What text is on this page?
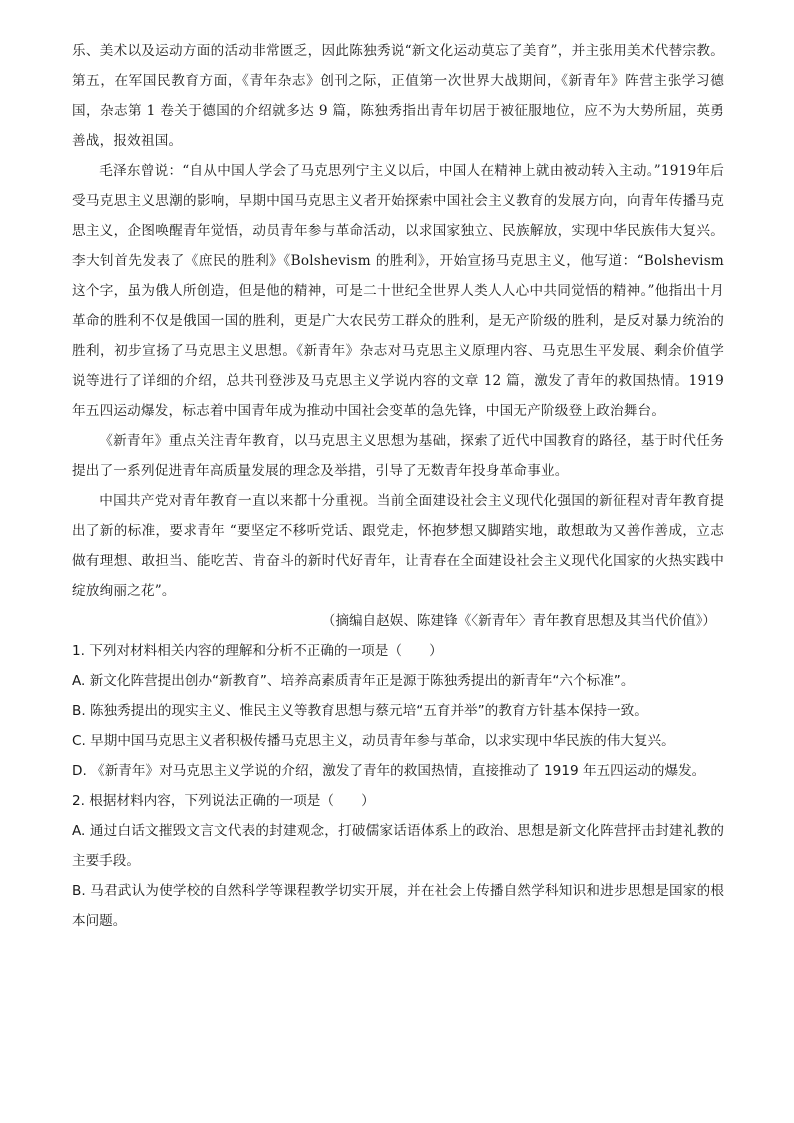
乐、美术以及运动方面的活动非常匮乏，因此陈独秀说“新文化运动莫忘了美育”，并主张用美术代替宗教。第五，在军国民教育方面，《青年杂志》创刊之际，正值第一次世界大战期间，《新青年》阵营主张学习德国，杂志第 1 卷关于德国的介绍就多达 9 篇，陈独秀指出青年切居于被征服地位，应不为大势所屈，英勇善战，报效祖国。

毛泽东曾说：“自从中国人学会了马克思列宁主义以后，中国人在精神上就由被动转入主动。”1919年后受马克思主义思潮的影响，早期中国马克思主义者开始探索中国社会主义教育的发展方向，向青年传播马克思主义，企图唤醒青年觉悟，动员青年参与革命活动，以求国家独立、民族解放，实现中华民族伟大复兴。李大钊首先发表了《庶民的胜利》《Bolshevism 的胜利》，开始宣扬马克思主义，他写道：“Bolshevism 这个字，虽为俄人所创造，但是他的精神，可是二十世纪全世界人类人人心中共同觉悟的精神。”他指出十月革命的胜利不仅是俄国一国的胜利，更是广大农民劳工群众的胜利，是无产阶级的胜利，是反对暴力统治的胜利，初步宣扬了马克思主义思想。《新青年》杂志对马克思主义原理内容、马克思生平发展、剩余价值学说等进行了详细的介绍，总共刊登涉及马克思主义学说内容的文章 12 篇，激发了青年的救国热情。1919 年五四运动爆发，标志着中国青年成为推动中国社会变革的急先锋，中国无产阶级登上政治舞台。

《新青年》重点关注青年教育，以马克思主义思想为基础，探索了近代中国教育的路径，基于时代任务提出了一系列促进青年高质量发展的理念及举措，引导了无数青年投身革命事业。

中国共产党对青年教育一直以来都十分重视。当前全面建设社会主义现代化强国的新征程对青年教育提出了新的标准，要求青年 “要坚定不移听党话、跟党走，怀抱梦想又脚踏实地，敢想敢为又善作善成，立志做有理想、敢担当、能吃苦、肯奋斗的新时代好青年，让青春在全面建设社会主义现代化国家的火热实践中绽放绚丽之花”。

（摘编自赵娱、陈建锋《〈新青年〉青年教育思想及其当代价值》）

1. 下列对材料相关内容的理解和分析不正确的一项是（　　）

A. 新文化阵营提出创办“新教育”、培养高素质青年正是源于陈独秀提出的新青年“六个标准”。

B. 陈独秀提出的现实主义、惟民主义等教育思想与蔡元培“五育并举”的教育方针基本保持一致。

C. 早期中国马克思主义者积极传播马克思主义，动员青年参与革命，以求实现中华民族的伟大复兴。

D. 《新青年》对马克思主义学说的介绍，激发了青年的救国热情，直接推动了 1919 年五四运动的爆发。

2. 根据材料内容，下列说法正确的一项是（　　）

A. 通过白话文摧毁文言文代表的封建观念，打破儒家话语体系上的政治、思想是新文化阵营抨击封建礼教的主要手段。

B. 马君武认为使学校的自然科学等课程教学切实开展，并在社会上传播自然学科知识和进步思想是国家的根本问题。
